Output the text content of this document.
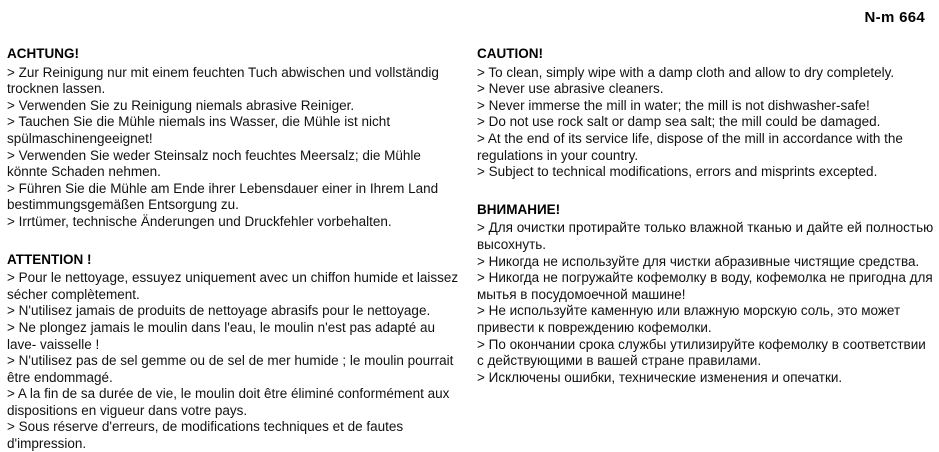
N-m 664
ACHTUNG!

> Zur Reinigung nur mit einem feuchten Tuch abwischen und vollständig trocknen lassen.

> Verwenden Sie zu Reinigung niemals abrasive Reiniger.

> Tauchen Sie die Mühle niemals ins Wasser, die Mühle ist nicht spülmaschinengeeignet!

> Verwenden Sie weder Steinsalz noch feuchtes Meersalz; die Mühle könnte Schaden nehmen.

> Führen Sie die Mühle am Ende ihrer Lebensdauer einer in Ihrem Land bestimmungsgemäßen Entsorgung zu.

> Irrtümer, technische Änderungen und Druckfehler vorbehalten.

ATTENTION !

> Pour le nettoyage, essuyez uniquement avec un chiffon humide et laissez sécher complètement.

> N'utilisez jamais de produits de nettoyage abrasifs pour le nettoyage.

> Ne plongez jamais le moulin dans l'eau, le moulin n'est pas adapté au lave- vaisselle !

> N'utilisez pas de sel gemme ou de sel de mer humide ; le moulin pourrait être endommagé.

> A la fin de sa durée de vie, le moulin doit être éliminé conformément aux dispositions en vigueur dans votre pays.

> Sous réserve d'erreurs, de modifications techniques et de fautes d'impression.

CAUTION!

> To clean, simply wipe with a damp cloth and allow to dry completely.

> Never use abrasive cleaners.

> Never immerse the mill in water; the mill is not dishwasher-safe!

> Do not use rock salt or damp sea salt; the mill could be damaged.

> At the end of its service life, dispose of the mill in accordance with the regulations in your country.

> Subject to technical modifications, errors and misprints excepted.

ВНИМАНИЕ!

> Для очистки протирайте только влажной тканью и дайте ей полностью высохнуть.

> Никогда не используйте для чистки абразивные чистящие средства.

> Никогда не погружайте кофемолку в воду, кофемолка не пригодна для мытья в посудомоечной машине!

> Не используйте каменную или влажную морскую соль, это может привести к повреждению кофемолки.

> По окончании срока службы утилизируйте кофемолку в соответствии с действующими в вашей стране правилами.

> Исключены ошибки, технические изменения и опечатки.
